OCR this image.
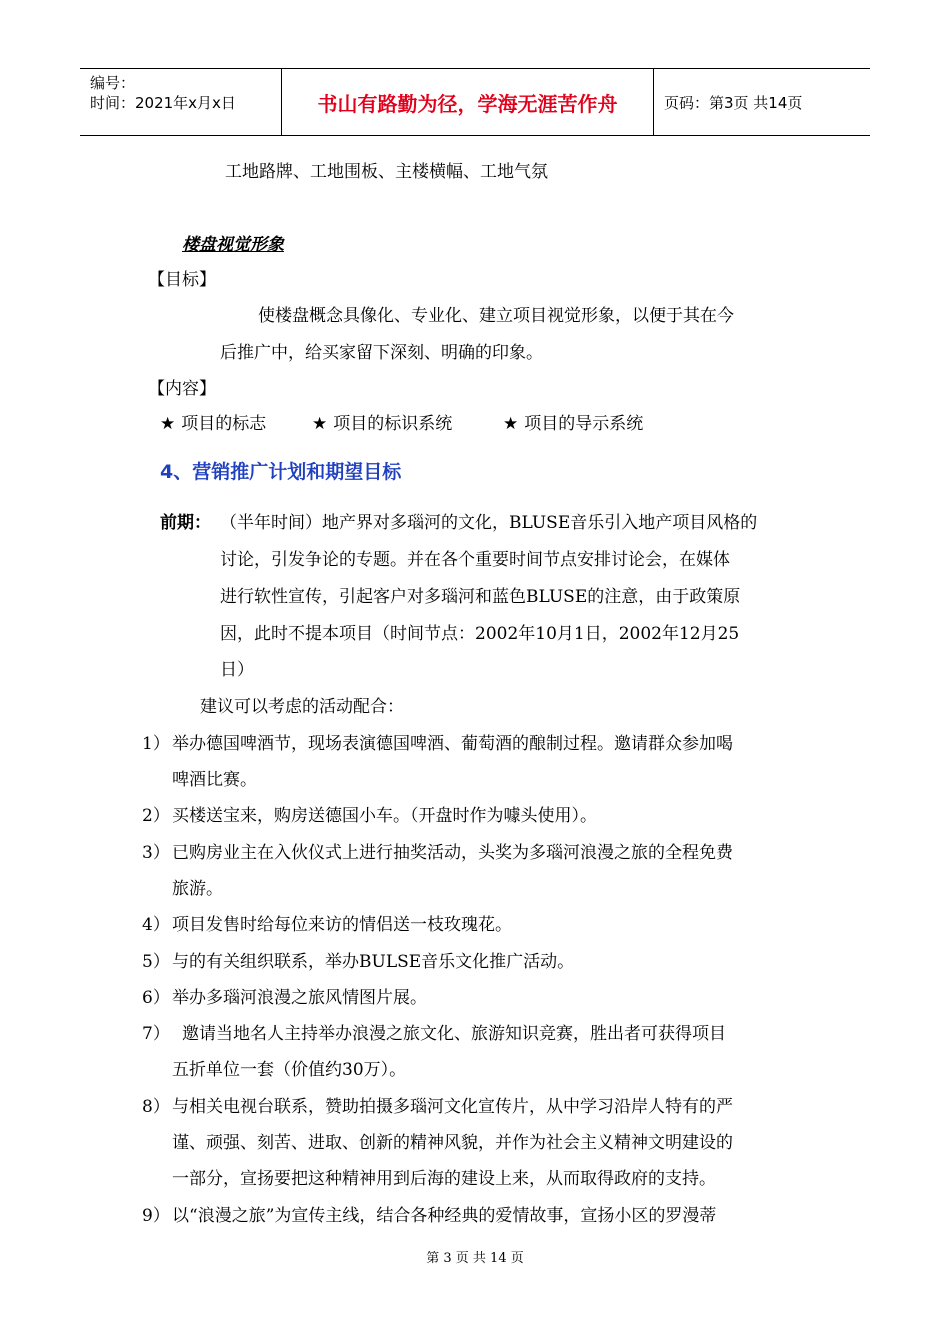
编号：
时间：2021年x月x日	书山有路勤为径，学海无涯苦作舟	页码：第3页 共14页
工地路牌、工地围板、主楼横幅、工地气氛
楼盘视觉形象
【目标】
使楼盘概念具像化、专业化、建立项目视觉形象，以便于其在今
后推广中，给买家留下深刻、明确的印象。
【内容】
★ 项目的标志	★ 项目的标识系统	★ 项目的导示系统
4、营销推广计划和期望目标
前期： （半年时间）地产界对多瑙河的文化，BLUSE音乐引入地产项目风格的
讨论，引发争论的专题。并在各个重要时间节点安排讨论会，在媒体
进行软性宣传，引起客户对多瑙河和蓝色BLUSE的注意，由于政策原
因，此时不提本项目（时间节点：2002年10月1日，2002年12月25
日）
建议可以考虑的活动配合：
1） 举办德国啤酒节，现场表演德国啤酒、葡萄酒的酿制过程。邀请群众参加喝
啤酒比赛。
2） 买楼送宝来，购房送德国小车。（开盘时作为噱头使用）。
3） 已购房业主在入伙仪式上进行抽奖活动，头奖为多瑙河浪漫之旅的全程免费
旅游。
4） 项目发售时给每位来访的情侣送一枝玫瑰花。
5） 与的有关组织联系，举办BULSE音乐文化推广活动。
6） 举办多瑙河浪漫之旅风情图片展。
7） 邀请当地名人主持举办浪漫之旅文化、旅游知识竞赛，胜出者可获得项目
五折单位一套（价值约30万）。
8） 与相关电视台联系，赞助拍摄多瑙河文化宣传片，从中学习沿岸人特有的严
谨、顽强、刻苦、进取、创新的精神风貌，并作为社会主义精神文明建设的
一部分，宣扬要把这种精神用到后海的建设上来，从而取得政府的支持。
9） 以“浪漫之旅”为宣传主线，结合各种经典的爱情故事，宣扬小区的罗漫蒂
第 3 页 共 14 页
